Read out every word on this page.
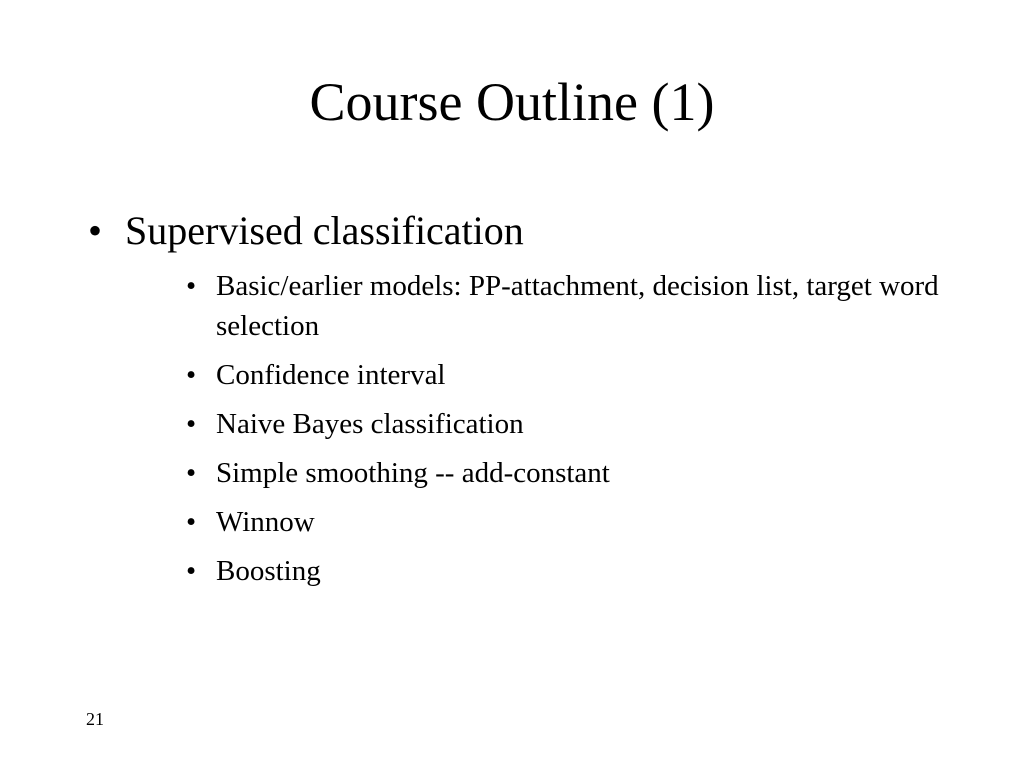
Course Outline (1)
• Supervised classification
• Basic/earlier models: PP-attachment, decision list, target word selection
• Confidence interval
• Naive Bayes classification
• Simple smoothing -- add-constant
• Winnow
• Boosting
21
